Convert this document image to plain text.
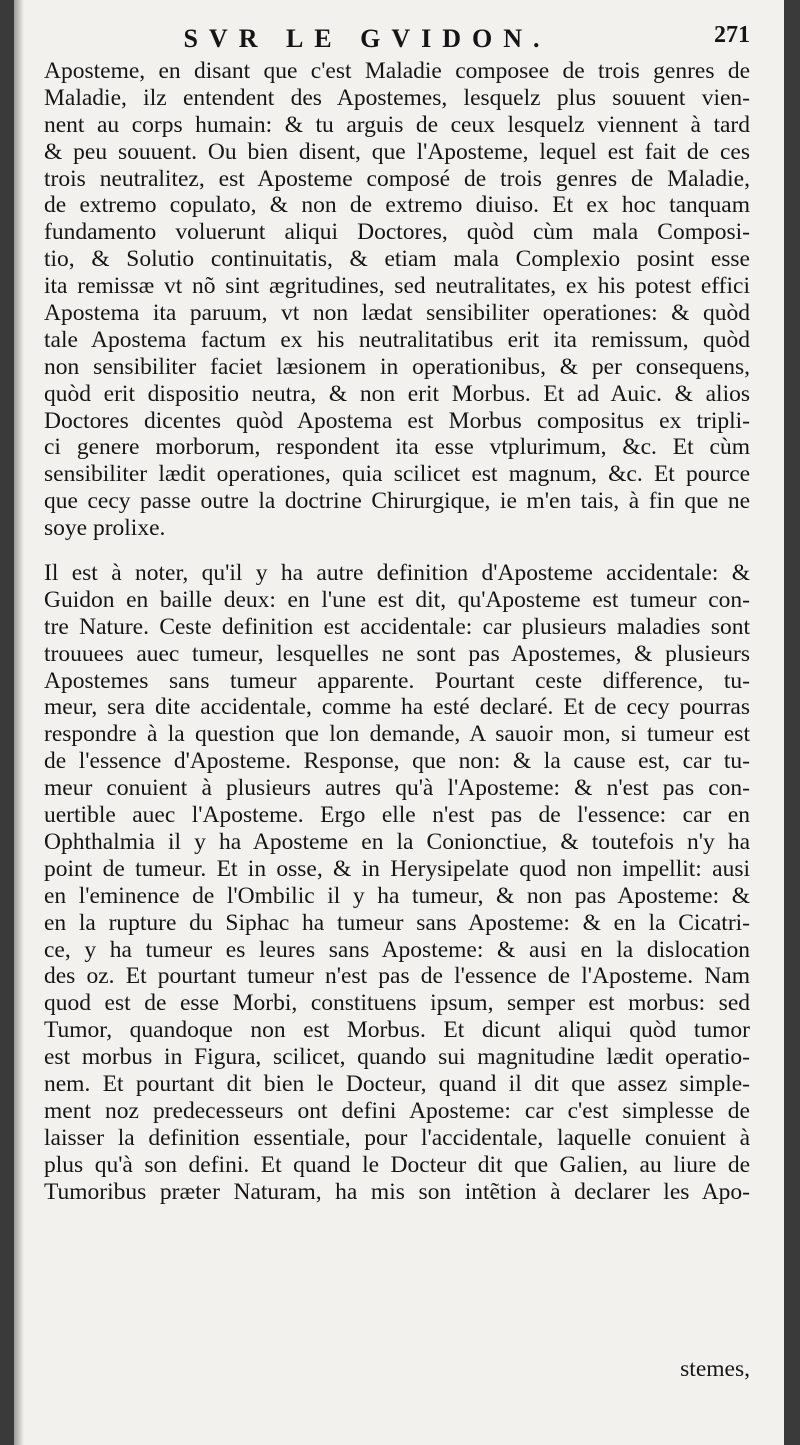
SVR LE GVIDON.	271
Aposteme, en disant que c'est Maladie composee de trois genres de
Maladie, ilz entendent des Apostemes, lesquelz plus souuent vien-
nent au corps humain: & tu arguis de ceux lesquelz viennent à tard
& peu souuent. Ou bien disent, que l'Aposteme, lequel est fait de ces
trois neutralitez, est Aposteme composé de trois genres de Maladie,
de extremo copulato, & non de extremo diuiso. Et ex hoc tanquam
fundamento voluerunt aliqui Doctores, quòd cùm mala Composi-
tio, & Solutio continuitatis, & etiam mala Complexio posint esse
ita remissæ vt nõ sint ægritudines, sed neutralitates, ex his potest effici
Apostema ita paruum, vt non lædat sensibiliter operationes: & quòd
tale Apostema factum ex his neutralitatibus erit ita remissum, quòd
non sensibiliter faciet læsionem in operationibus, & per consequens,
quòd erit dispositio neutra, & non erit Morbus. Et ad Auic. & alios
Doctores dicentes quòd Apostema est Morbus compositus ex tripli-
ci genere morborum, respondent ita esse vtplurimum, &c. Et cùm
sensibiliter lædit operationes, quia scilicet est magnum, &c. Et pource
que cecy passe outre la doctrine Chirurgique, ie m'en tais, à fin que ne
soye prolixe.
Il est à noter, qu'il y ha autre definition d'Aposteme accidentale: &
Guidon en baille deux: en l'une est dit, qu'Aposteme est tumeur con-
tre Nature. Ceste definition est accidentale: car plusieurs maladies sont
trouuees auec tumeur, lesquelles ne sont pas Apostemes, & plusieurs
Apostemes sans tumeur apparente. Pourtant ceste difference, tu-
meur, sera dite accidentale, comme ha esté declaré. Et de cecy pourras
respondre à la question que lon demande, A sauoir mon, si tumeur est
de l'essence d'Aposteme. Responsе, que non: & la cause est, car tu-
meur conuient à plusieurs autres qu'à l'Aposteme: & n'est pas con-
uertible auec l'Aposteme. Ergo elle n'est pas de l'essence: car en
Ophthalmia il y ha Aposteme en la Conionctiue, & toutefois n'y ha
point de tumeur. Et in osse, & in Herysipelate quod non impellit: ausi
en l'eminence de l'Ombilic il y ha tumeur, & non pas Aposteme: &
en la rupture du Siphac ha tumeur sans Aposteme: & en la Cicatri-
ce, y ha tumeur es leures sans Aposteme: & ausi en la dislocation
des oz. Et pourtant tumeur n'est pas de l'essence de l'Aposteme. Nam
quod est de esse Morbi, constituens ipsum, semper est morbus: sed
Tumor, quandoque non est Morbus. Et dicunt aliqui quòd tumor
est morbus in Figura, scilicet, quando sui magnitudine lædit operatio-
nem. Et pourtant dit bien le Docteur, quand il dit que assez simple-
ment noz predecesseurs ont defini Aposteme: car c'est simplesse de
laisser la definition essentiale, pour l'accidentale, laquelle conuient à
plus qu'à son defini. Et quand le Docteur dit que Galien, au liure de
Tumoribus præter Naturam, ha mis son intẽtion à declarer les Apo-
stemes,
